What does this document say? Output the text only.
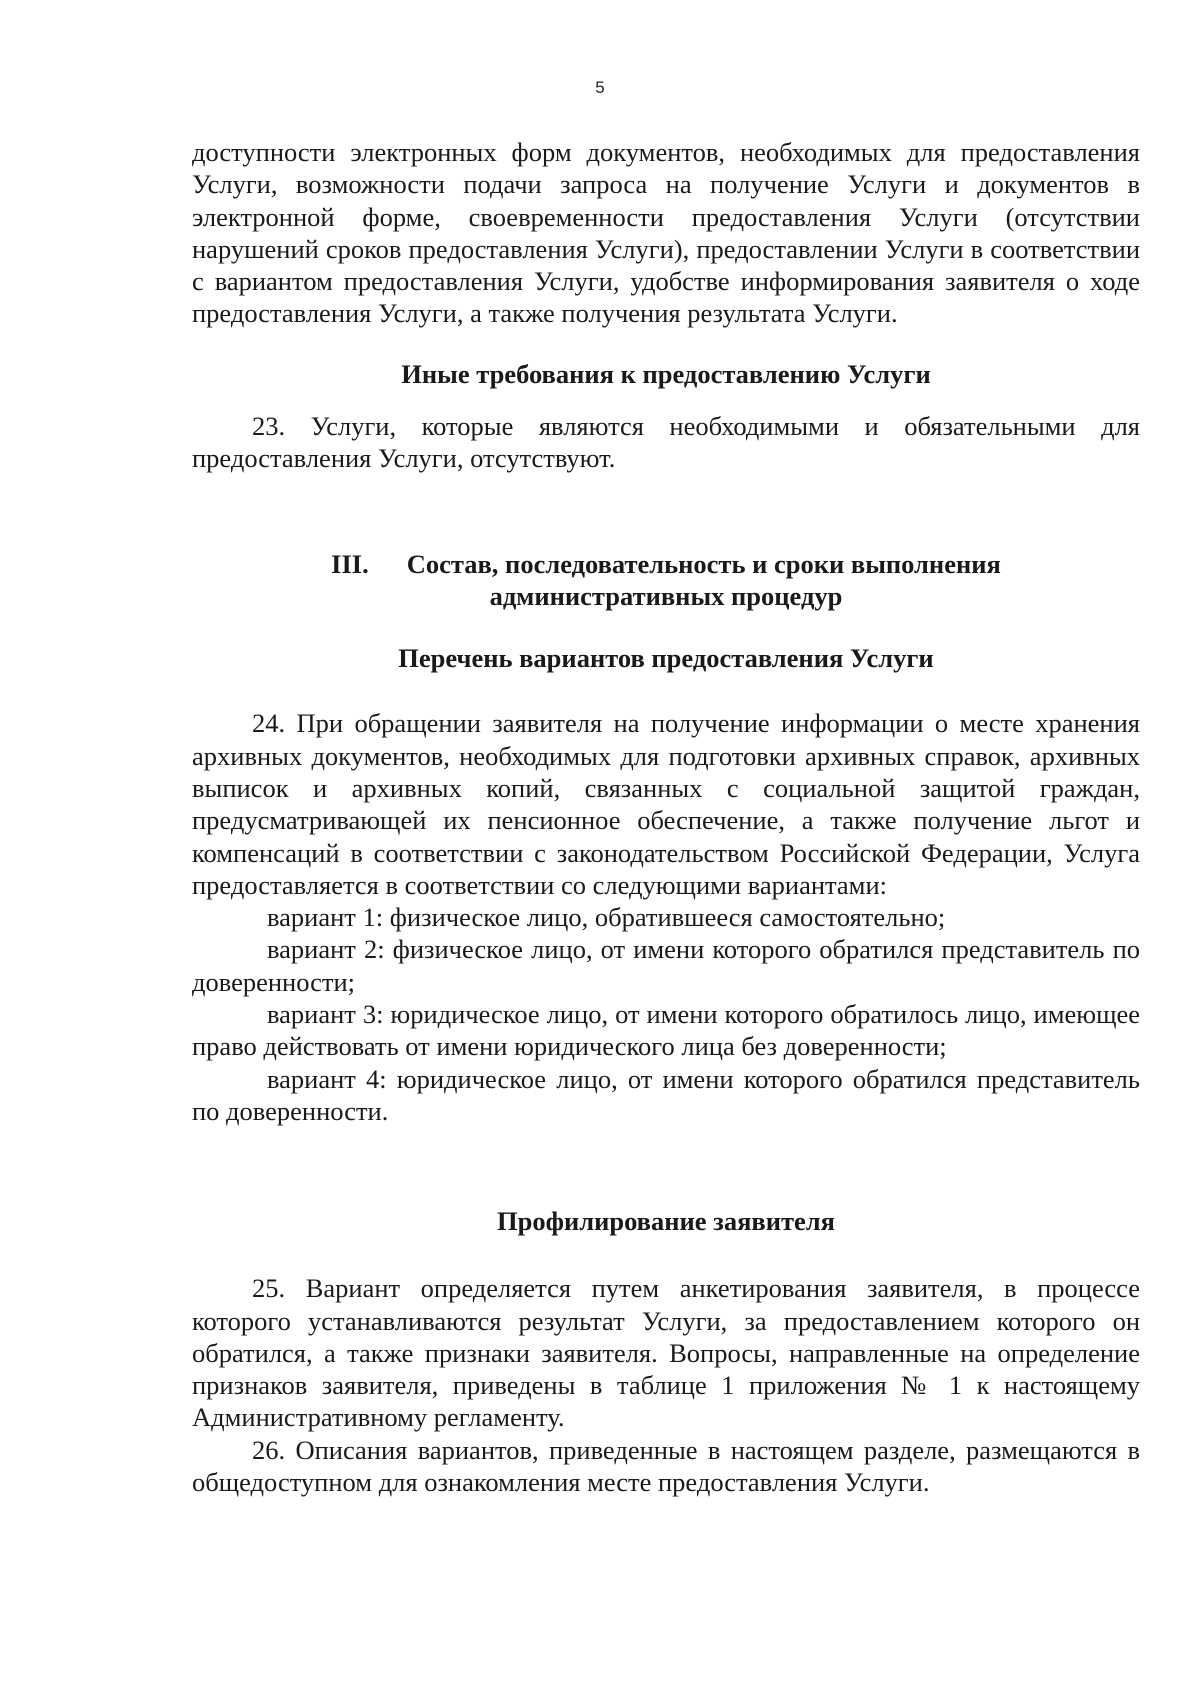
5

доступности электронных форм документов, необходимых для предоставления Услуги, возможности подачи запроса на получение Услуги и документов в электронной форме, своевременности предоставления Услуги (отсутствии нарушений сроков предоставления Услуги), предоставлении Услуги в соответствии с вариантом предоставления Услуги, удобстве информирования заявителя о ходе предоставления Услуги, а также получения результата Услуги.

Иные требования к предоставлению Услуги

23. Услуги, которые являются необходимыми и обязательными для предоставления Услуги, отсутствуют.

III. Состав, последовательность и сроки выполнения
административных процедур

Перечень вариантов предоставления Услуги

24. При обращении заявителя на получение информации о месте хранения архивных документов, необходимых для подготовки архивных справок, архивных выписок и архивных копий, связанных с социальной защитой граждан, предусматривающей их пенсионное обеспечение, а также получение льгот и компенсаций в соответствии с законодательством Российской Федерации, Услуга предоставляется в соответствии со следующими вариантами:

вариант 1: физическое лицо, обратившееся самостоятельно;

вариант 2: физическое лицо, от имени которого обратился представитель по доверенности;

вариант 3: юридическое лицо, от имени которого обратилось лицо, имеющее право действовать от имени юридического лица без доверенности;

вариант 4: юридическое лицо, от имени которого обратился представитель по доверенности.

Профилирование заявителя

25. Вариант определяется путем анкетирования заявителя, в процессе которого устанавливаются результат Услуги, за предоставлением которого он обратился, а также признаки заявителя. Вопросы, направленные на определение признаков заявителя, приведены в таблице 1 приложения № 1 к настоящему Административному регламенту.

26. Описания вариантов, приведенные в настоящем разделе, размещаются в общедоступном для ознакомления месте предоставления Услуги.
